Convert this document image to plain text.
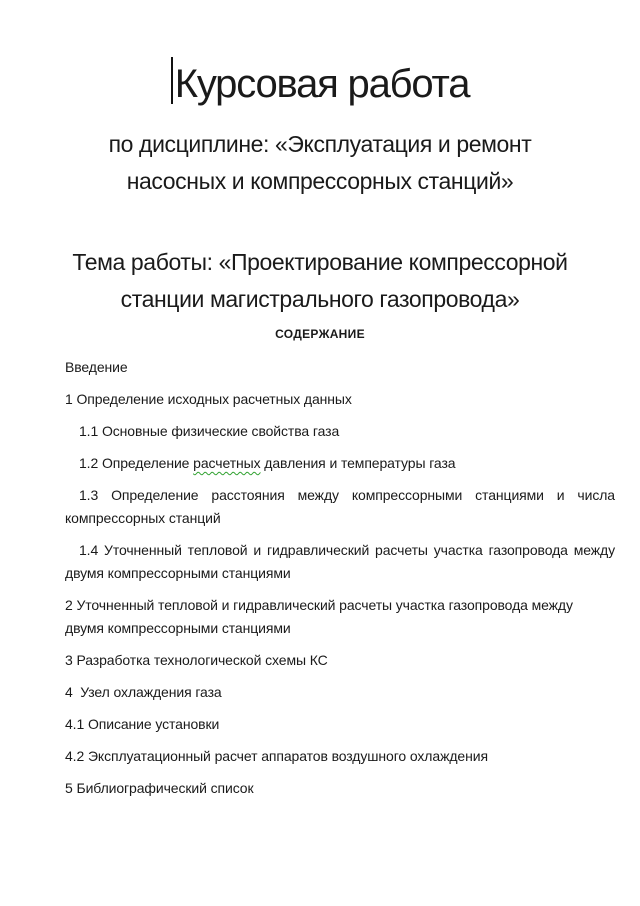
Курсовая работа
по дисциплине: «Эксплуатация и ремонт
насосных и компрессорных станций»
Тема работы: «Проектирование компрессорной
станции магистрального газопровода»
СОДЕРЖАНИЕ

Введение

1 Определение исходных расчетных данных

1.1 Основные физические свойства газа

1.2 Определение расчетных давления и температуры газа

1.3 Определение расстояния между компрессорными станциями и числа компрессорных станций

1.4 Уточненный тепловой и гидравлический расчеты участка газопровода между двумя компрессорными станциями

2 Уточненный тепловой и гидравлический расчеты участка газопровода между двумя компрессорными станциями

3 Разработка технологической схемы КС

4  Узел охлаждения газа

4.1 Описание установки

4.2 Эксплуатационный расчет аппаратов воздушного охлаждения

5 Библиографический список
